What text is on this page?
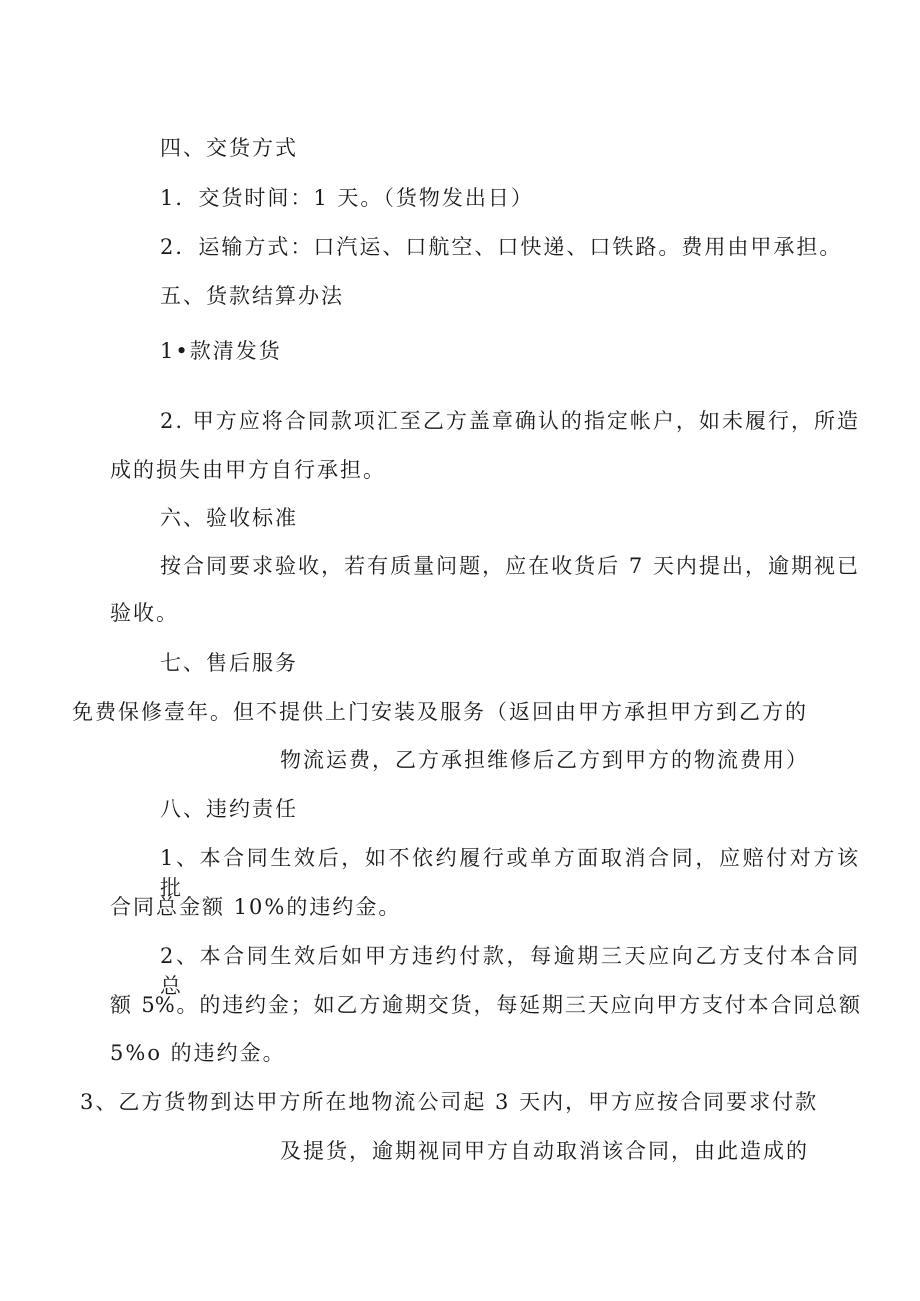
四、交货方式
1．交货时间：1 天。（货物发出日）
2．运输方式：口汽运、口航空、口快递、口铁路。费用由甲承担。
五、货款结算办法
1•款清发货
2. 甲方应将合同款项汇至乙方盖章确认的指定帐户，如未履行，所造
成的损失由甲方自行承担。
六、验收标准
按合同要求验收，若有质量问题，应在收货后 7 天内提出，逾期视已
验收。
七、售后服务
免费保修壹年。但不提供上门安装及服务（返回由甲方承担甲方到乙方的
物流运费，乙方承担维修后乙方到甲方的物流费用）
八、违约责任
1、本合同生效后，如不依约履行或单方面取消合同，应赔付对方该批
合同总金额 10%的违约金。
2、本合同生效后如甲方违约付款，每逾期三天应向乙方支付本合同总
额 5%。的违约金；如乙方逾期交货，每延期三天应向甲方支付本合同总额
5%o 的违约金。
3、乙方货物到达甲方所在地物流公司起 3 天内，甲方应按合同要求付款
及提货，逾期视同甲方自动取消该合同，由此造成的
